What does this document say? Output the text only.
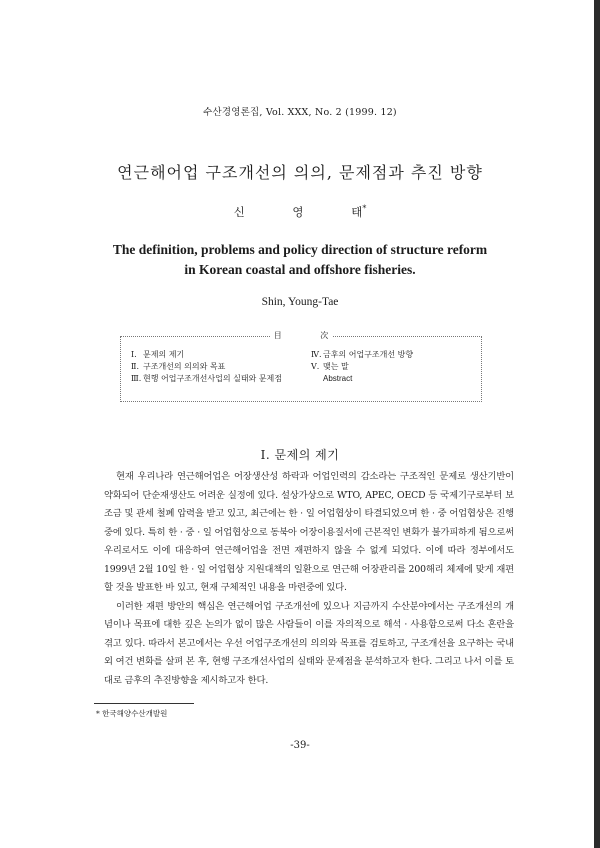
수산경영론집, Vol. XXX, No. 2 (1999. 12)
연근해어업 구조개선의 의의, 문제점과 추진 방향
신 영 태*
The definition, problems and policy direction of structure reform
in Korean coastal and offshore fisheries.
Shin, Young-Tae
目 次
Ⅰ. 문제의 제기
Ⅱ. 구조개선의 의의와 목표
Ⅲ. 현행 어업구조개선사업의 실태와 문제점
Ⅳ. 금후의 어업구조개선 방향
Ⅴ. 맺는 말
Abstract
Ⅰ. 문제의 제기

현재 우리나라 연근해어업은 어장생산성 하락과 어업인력의 감소라는 구조적인 문제로 생산기반이 약화되어 단순재생산도 어려운 실정에 있다. 설상가상으로 WTO, APEC, OECD 등 국제기구로부터 보조금 및 관세 철폐 압력을 받고 있고, 최근에는 한 · 일 어업협상이 타결되었으며 한 · 중 어업협상은 진행중에 있다. 특히 한 · 중 · 일 어업협상으로 동북아 어장이용질서에 근본적인 변화가 불가피하게 됨으로써 우리로서도 이에 대응하여 연근해어업을 전면 재편하지 않을 수 없게 되었다. 이에 따라 정부에서도 1999년 2월 10일 한 · 일 어업협상 지원대책의 일환으로 연근해 어장관리를 200해리 체제에 맞게 재편할 것을 발표한 바 있고, 현재 구체적인 내용을 마련중에 있다.

이러한 재편 방안의 핵심은 연근해어업 구조개선에 있으나 지금까지 수산분야에서는 구조개선의 개념이나 목표에 대한 깊은 논의가 없이 많은 사람들이 이를 자의적으로 해석 · 사용함으로써 다소 혼란을 겪고 있다. 따라서 본고에서는 우선 어업구조개선의 의의와 목표를 검토하고, 구조개선을 요구하는 국내외 여건 변화를 살펴 본 후, 현행 구조개선사업의 실태와 문제점을 분석하고자 한다. 그리고 나서 이를 토대로 금후의 추진방향을 제시하고자 한다.

* 한국해양수산개발원
-39-
